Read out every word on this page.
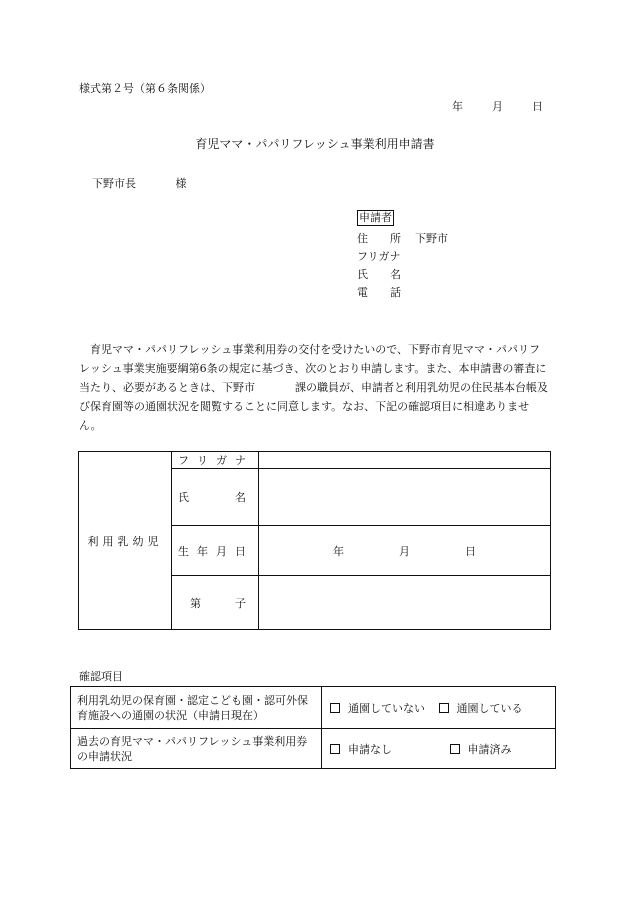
様式第２号（第６条関係）
年	月	日
育児ママ・パパリフレッシュ事業利用申請書
下野市長	様
申請者
住　　所 下野市
フリガナ
氏　　名
電　　話
育児ママ・パパリフレッシュ事業利用券の交付を受けたいので、下野市育児ママ・パパリフレッシュ事業実施要綱第6条の規定に基づき、次のとおり申請します。また、本申請書の審査に当たり、必要があるときは、下野市	課の職員が、申請者と利用乳幼児の住民基本台帳及び保育園等の通園状況を閲覧することに同意します。なお、下記の確認項目に相違ありません。
利用乳幼児	フ リ ガ ナ	

	氏 名	

	生 年 月 日	年 月 日

	第 子	

確認項目
利用乳幼児の保育園・認定こども園・認可外保育施設への通園の状況（申請日現在）	通園していない 通園している
過去の育児ママ・パパリフレッシュ事業利用券の申請状況	申請なし 申請済み
